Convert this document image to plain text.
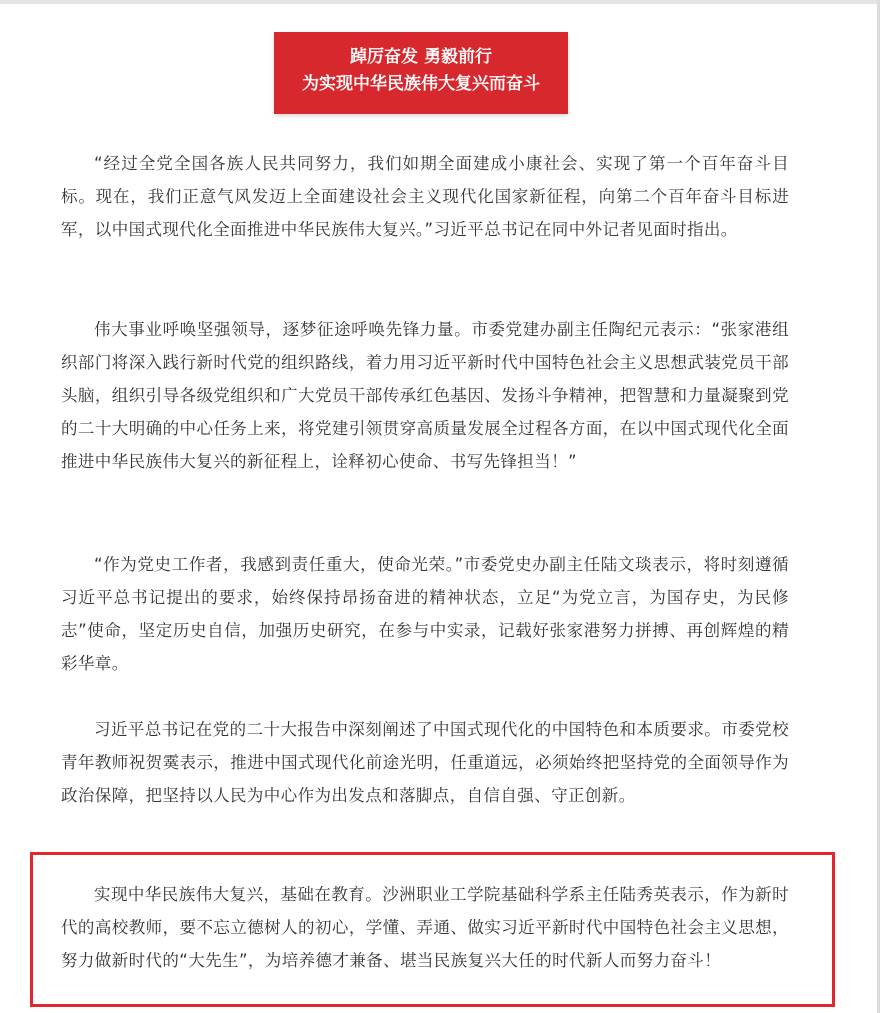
踔厉奋发 勇毅前行
为实现中华民族伟大复兴而奋斗

“经过全党全国各族人民共同努力，我们如期全面建成小康社会、实现了第一个百年奋斗目标。现在，我们正意气风发迈上全面建设社会主义现代化国家新征程，向第二个百年奋斗目标进军，以中国式现代化全面推进中华民族伟大复兴。”习近平总书记在同中外记者见面时指出。

伟大事业呼唤坚强领导，逐梦征途呼唤先锋力量。市委党建办副主任陶纪元表示：“张家港组织部门将深入践行新时代党的组织路线，着力用习近平新时代中国特色社会主义思想武装党员干部头脑，组织引导各级党组织和广大党员干部传承红色基因、发扬斗争精神，把智慧和力量凝聚到党的二十大明确的中心任务上来，将党建引领贯穿高质量发展全过程各方面，在以中国式现代化全面推进中华民族伟大复兴的新征程上，诠释初心使命、书写先锋担当！”

“作为党史工作者，我感到责任重大，使命光荣。”市委党史办副主任陆文琰表示，将时刻遵循习近平总书记提出的要求，始终保持昂扬奋进的精神状态，立足“为党立言，为国存史，为民修志”使命，坚定历史自信，加强历史研究，在参与中实录，记载好张家港努力拼搏、再创辉煌的精彩华章。

习近平总书记在党的二十大报告中深刻阐述了中国式现代化的中国特色和本质要求。市委党校青年教师祝贺霙表示，推进中国式现代化前途光明，任重道远，必须始终把坚持党的全面领导作为政治保障，把坚持以人民为中心作为出发点和落脚点，自信自强、守正创新。

实现中华民族伟大复兴，基础在教育。沙洲职业工学院基础科学系主任陆秀英表示，作为新时代的高校教师，要不忘立德树人的初心，学懂、弄通、做实习近平新时代中国特色社会主义思想，努力做新时代的“大先生”，为培养德才兼备、堪当民族复兴大任的时代新人而努力奋斗！
